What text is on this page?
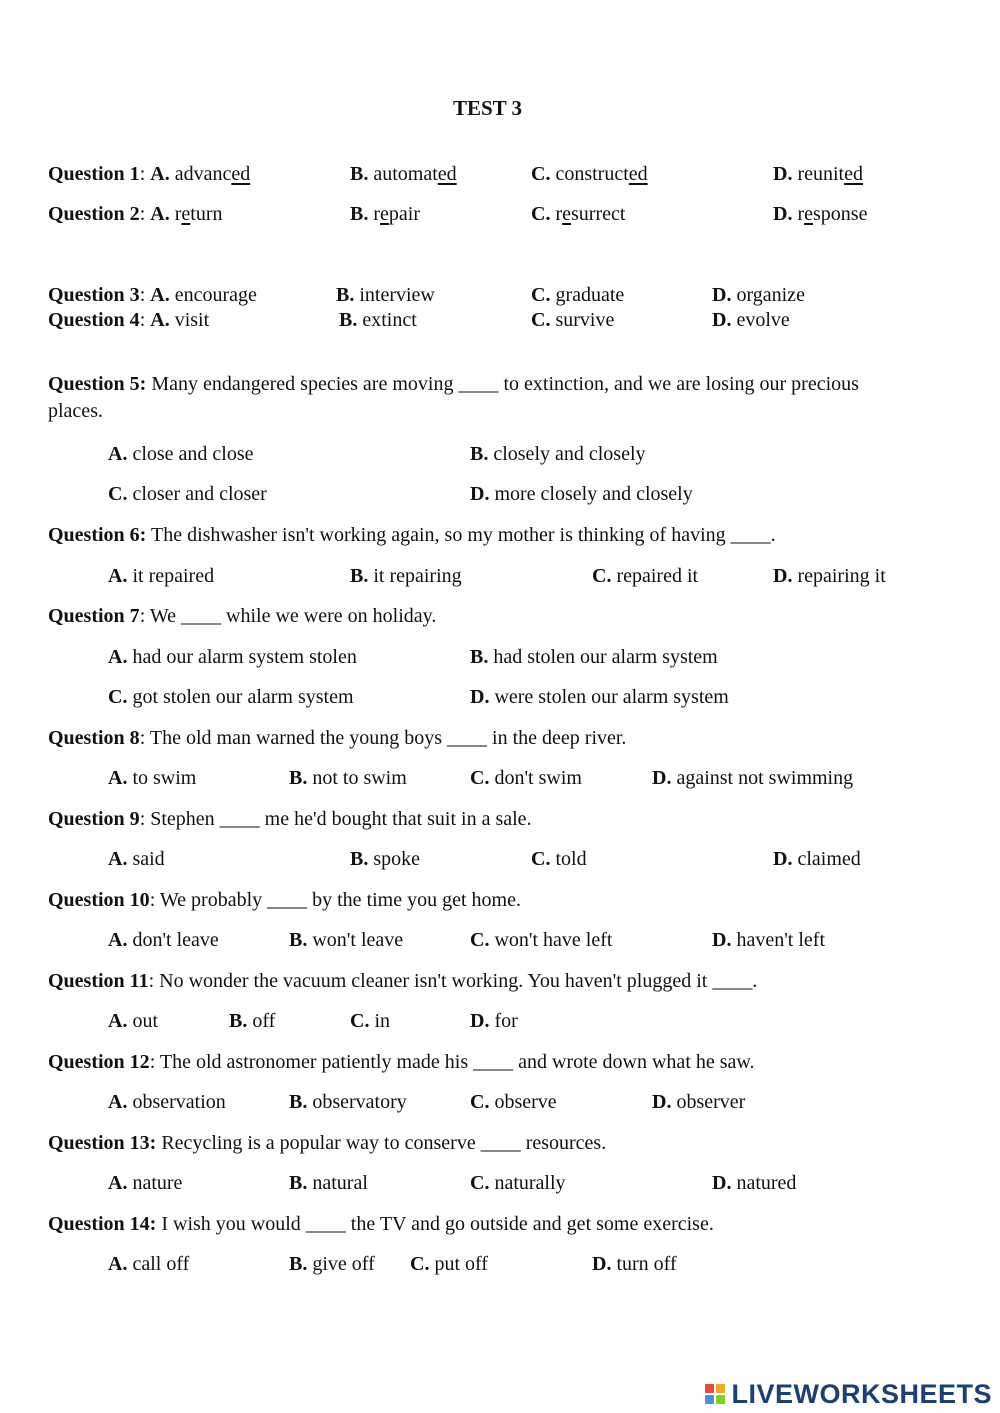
TEST 3
Question 1: A. advanced	B. automated	C. constructed	D. reunited
Question 2: A. return	B. repair	C. resurrect	D. response
Question 3: A. encourage	B. interview	C. graduate	D. organize
Question 4: A. visit	B. extinct	C. survive	D. evolve
Question 5: Many endangered species are moving ____ to extinction, and we are losing our precious places.
A. close and close	B. closely and closely
C. closer and closer	D. more closely and closely
Question 6: The dishwasher isn't working again, so my mother is thinking of having ____.
A. it repaired	B. it repairing	C. repaired it	D. repairing it
Question 7: We ____ while we were on holiday.
A. had our alarm system stolen	B. had stolen our alarm system
C. got stolen our alarm system	D. were stolen our alarm system
Question 8: The old man warned the young boys ____ in the deep river.
A. to swim	B. not to swim	C. don't swim	D. against not swimming
Question 9: Stephen ____ me he'd bought that suit in a sale.
A. said	B. spoke	C. told	D. claimed
Question 10: We probably ____ by the time you get home.
A. don't leave	B. won't leave	C. won't have left	D. haven't left
Question 11: No wonder the vacuum cleaner isn't working. You haven't plugged it ____.
A. out	B. off	C. in	D. for
Question 12: The old astronomer patiently made his ____ and wrote down what he saw.
A. observation	B. observatory	C. observe	D. observer
Question 13: Recycling is a popular way to conserve ____ resources.
A. nature	B. natural	C. naturally	D. natured
Question 14: I wish you would ____ the TV and go outside and get some exercise.
A. call off	B. give off C. put off	D. turn off
LIVEWORKSHEETS
